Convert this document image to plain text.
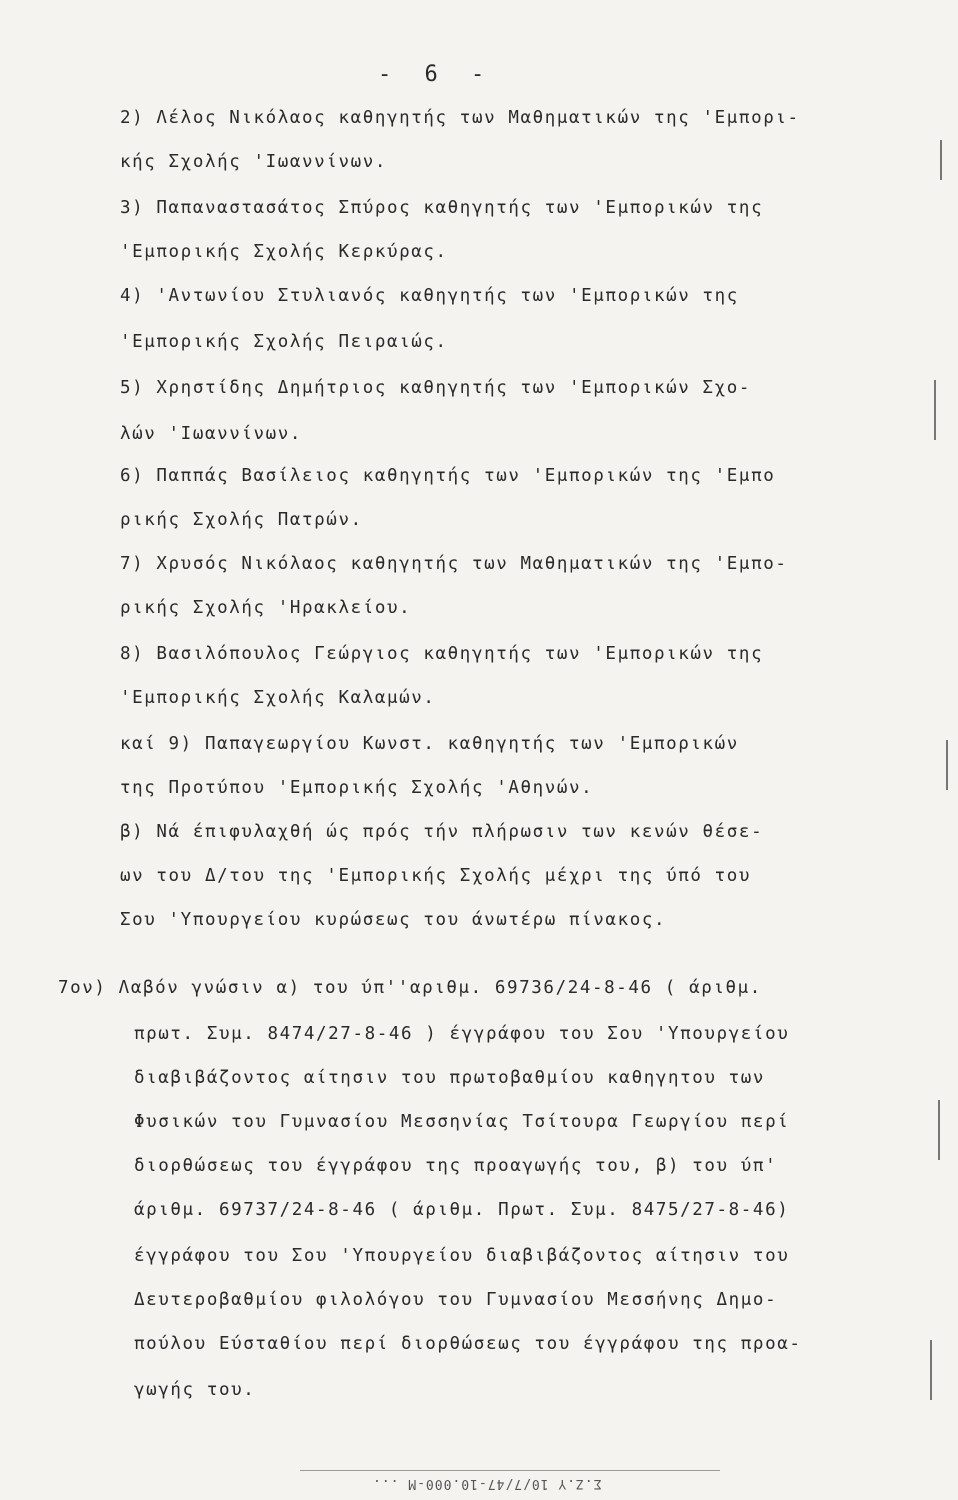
- 6 -
2) Λέλος Νικόλαος καθηγητής των Μαθηματικών της 'Εμπορι-
κής Σχολής 'Ιωαννίνων.
3) Παπαναστασάτος Σπύρος καθηγητής των 'Εμπορικών της
'Εμπορικής Σχολής Κερκύρας.
4) 'Αντωνίου Στυλιανός καθηγητής των 'Εμπορικών της
'Εμπορικής Σχολής Πειραιώς.
5) Χρηστίδης Δημήτριος καθηγητής των 'Εμπορικών Σχο-
λών 'Ιωαννίνων.
6) Παππάς Βασίλειος καθηγητής των 'Εμπορικών της 'Εμπο
ρικής Σχολής Πατρών.
7) Χρυσός Νικόλαος καθηγητής των Μαθηματικών της 'Εμπο-
ρικής Σχολής 'Ηρακλείου.
8) Βασιλόπουλος Γεώργιος καθηγητής των 'Εμπορικών της
'Εμπορικής Σχολής Καλαμών.
καί 9) Παπαγεωργίου Κωνστ. καθηγητής των 'Εμπορικών
της Προτύπου 'Εμπορικής Σχολής 'Αθηνών.
β) Νά έπιφυλαχθή ώς πρός τήν πλήρωσιν των κενών θέσε-
ων του Δ/του της 'Εμπορικής Σχολής μέχρι της ύπό του
Σου 'Υπουργείου κυρώσεως του άνωτέρω πίνακος.
7ον) Λαβόν γνώσιν α) του ύπ''αριθμ. 69736/24-8-46 ( άριθμ.
πρωτ. Συμ. 8474/27-8-46 ) έγγράφου του Σου 'Υπουργείου
διαβιβάζοντος αίτησιν του πρωτοβαθμίου καθηγητου των
Φυσικών του Γυμνασίου Μεσσηνίας Τσίτουρα Γεωργίου περί
διορθώσεως του έγγράφου της προαγωγής του, β) του ύπ'
άριθμ. 69737/24-8-46 ( άριθμ. Πρωτ. Συμ. 8475/27-8-46)
έγγράφου του Σου 'Υπουργείου διαβιβάζοντος αίτησιν του
Δευτεροβαθμίου φιλολόγου του Γυμνασίου Μεσσήνης Δημο-
πούλου Εύσταθίου περί διορθώσεως του έγγράφου της προα-
γωγής του.
Σ.Ζ.Υ 10/7/47-10.000-M ...
